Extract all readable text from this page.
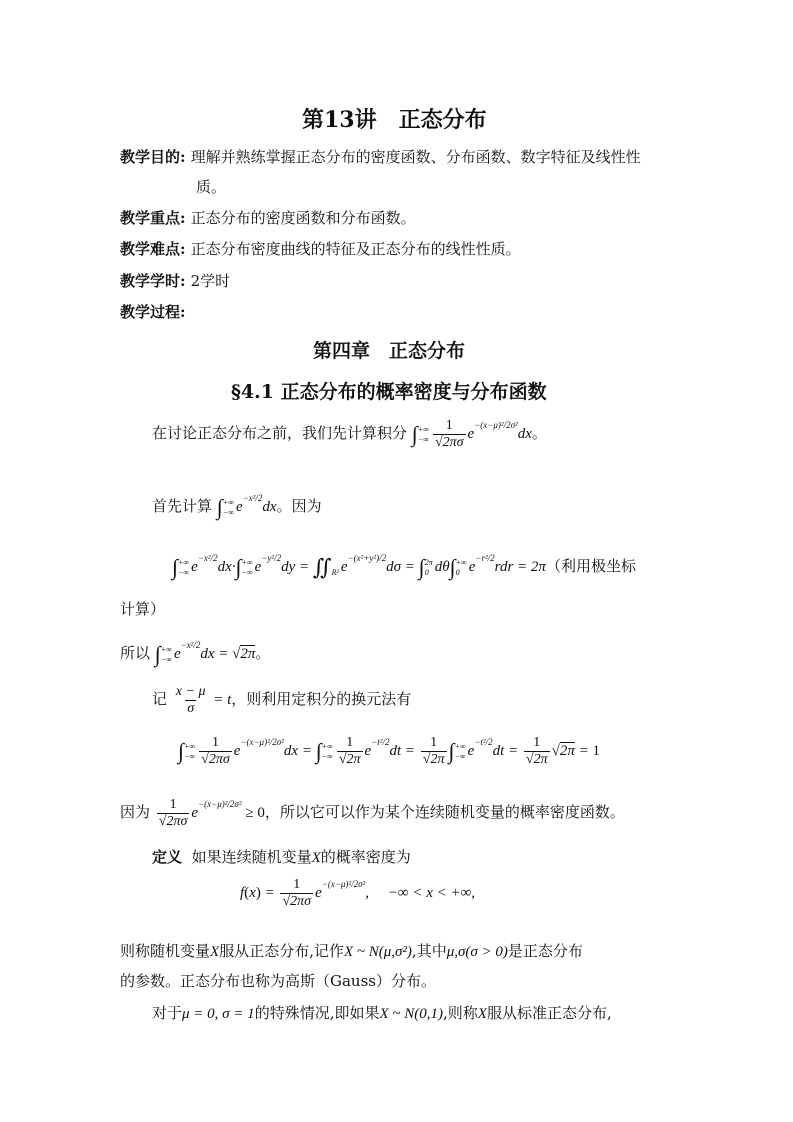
第13讲　正态分布
教学目的: 理解并熟练掌握正态分布的密度函数、分布函数、数字特征及线性性
质。
教学重点: 正态分布的密度函数和分布函数。
教学难点: 正态分布密度曲线的特征及正态分布的线性性质。
教学学时: 2学时
教学过程:
第四章　正态分布
§4.1 正态分布的概率密度与分布函数
在讨论正态分布之前，我们先计算积分 ∫ +∞
−∞ $\frac{1}{√2\pi\sigma} e^{-(x-\mu)^2/2\sigma^2}dx$。
首先计算 ∫ +∞
−∞ $e^{-x^2/2}dx$。因为
∫ +∞
−∞ $e^{-x^2/2}dx\cdot\int$ +∞
−∞ $e^{-y^2/2}dy$ = ∬
R² $e^{-(x^2+y^2)/2}d\sigma$ = ∫ 2π
0 dθ∫ +∞
0 $e^{-r^2/2}rdr = 2\pi$（利用极坐标
计算）
所以 ∫ +∞
−∞ $e^{-x^2/2}dx = √2\pi$。
记 $\frac{x - \mu}{\sigma} = t$，则利用定积分的换元法有
∫ +∞
−∞ $\frac{1}{√2\pi\sigma} e^{-(x-\mu)^2/2\sigma^2}dx$ = ∫ +∞
−∞ $\frac{1}{√2\pi} e^{-t^2/2}dt = \frac{1}{√2\pi}$ ∫ +∞
−∞ $e^{-t^2/2}dt = \frac{1}{√2\pi} √2\pi = 1$
因为 $\frac{1}{√2\pi\sigma} e^{-(x-\mu)^2/2\sigma^2} \ge 0$，所以它可以作为某个连续随机变量的概率密度函数。
定义 如果连续随机变量X的概率密度为
$f(x) = \frac{1}{√2\pi\sigma} e^{-(x-\mu)^2/2\sigma^2}$,     −∞ < x < +∞,
则称随机变量X服从正态分布,记作X ~ N(μ,σ²),其中μ,σ(σ > 0)是正态分布
的参数。正态分布也称为高斯（Gauss）分布。
对于μ = 0, σ = 1的特殊情况,即如果X ~ N(0,1),则称X服从标准正态分布,
